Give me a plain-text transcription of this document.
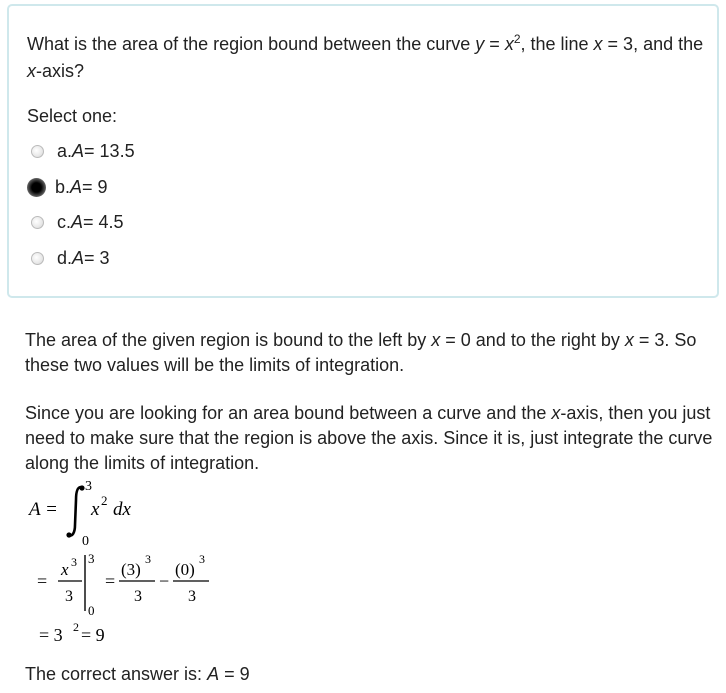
What is the area of the region bound between the curve $y = x^2$, the line x = 3, and the x-axis?
Select one:
a. A = 13.5
b. A = 9
c. A = 4.5
d. A = 3
The area of the given region is bound to the left by x = 0 and to the right by x = 3. So these two values will be the limits of integration.
Since you are looking for an area bound between a curve and the x-axis, then you just need to make sure that the region is above the axis. Since it is, just integrate the curve along the limits of integration.
A =
3
0
x 2 dx
=
x 3
3
3
0
=
(3)
3
3
−
(0)
3
3
= 3 2 = 9
The correct answer is: A = 9
